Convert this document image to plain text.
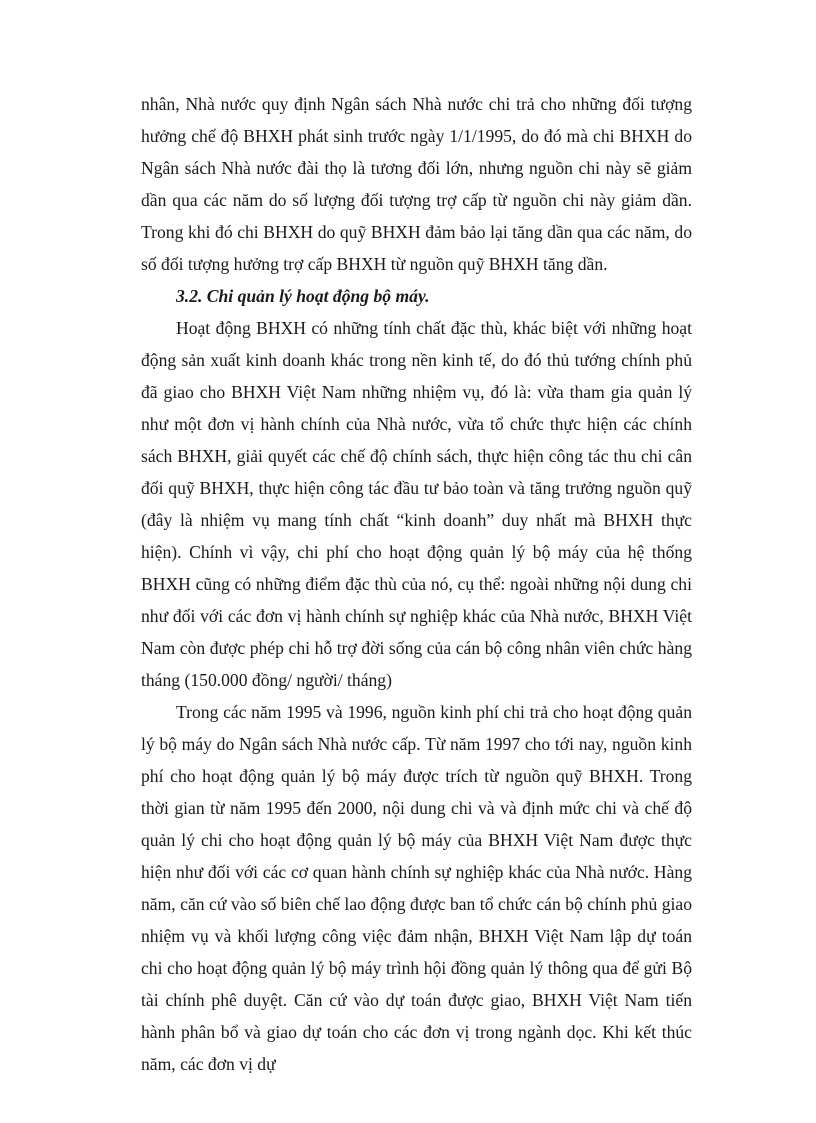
nhân, Nhà nước quy định Ngân sách Nhà nước chi trả cho những đối tượng hưởng chế độ BHXH phát sinh trước ngày 1/1/1995, do đó mà chi BHXH do Ngân sách Nhà nước đài thọ là tương đối lớn, nhưng nguồn chi này sẽ giảm dần qua các năm do số lượng đối tượng trợ cấp từ nguồn chi này giảm dần. Trong khi đó chi BHXH do quỹ BHXH đảm bảo lại tăng dần qua các năm, do số đối tượng hưởng trợ cấp BHXH từ nguồn quỹ BHXH tăng dần.

3.2. Chi quản lý hoạt động bộ máy.

Hoạt động BHXH có những tính chất đặc thù, khác biệt với những hoạt động sản xuất kinh doanh khác trong nền kinh tế, do đó thủ tướng chính phủ đã giao cho BHXH Việt Nam những nhiệm vụ, đó là: vừa tham gia quản lý như một đơn vị hành chính của Nhà nước, vừa tổ chức thực hiện các chính sách BHXH, giải quyết các chế độ chính sách, thực hiện công tác thu chi cân đối quỹ BHXH, thực hiện công tác đầu tư bảo toàn và tăng trưởng nguồn quỹ (đây là nhiệm vụ mang tính chất “kinh doanh” duy nhất mà BHXH thực hiện). Chính vì vậy, chi phí cho hoạt động quản lý bộ máy của hệ thống BHXH cũng có những điểm đặc thù của nó, cụ thể: ngoài những nội dung chi như đối với các đơn vị hành chính sự nghiệp khác của Nhà nước, BHXH Việt Nam còn được phép chi hỗ trợ đời sống của cán bộ công nhân viên chức hàng tháng (150.000 đồng/ người/ tháng)

Trong các năm 1995 và 1996, nguồn kinh phí chi trả cho hoạt động quản lý bộ máy do Ngân sách Nhà nước cấp. Từ năm 1997 cho tới nay, nguồn kinh phí cho hoạt động quản lý bộ máy được trích từ nguồn quỹ BHXH. Trong thời gian từ năm 1995 đến 2000, nội dung chi và và định mức chi và chế độ quản lý chi cho hoạt động quản lý bộ máy của BHXH Việt Nam được thực hiện như đối với các cơ quan hành chính sự nghiệp khác của Nhà nước. Hàng năm, căn cứ vào số biên chế lao động được ban tổ chức cán bộ chính phủ giao nhiệm vụ và khối lượng công việc đảm nhận, BHXH Việt Nam lập dự toán chi cho hoạt động quản lý bộ máy trình hội đồng quản lý thông qua để gửi Bộ tài chính phê duyệt. Căn cứ vào dự toán được giao, BHXH Việt Nam tiến hành phân bổ và giao dự toán cho các đơn vị trong ngành dọc. Khi kết thúc năm, các đơn vị dự
